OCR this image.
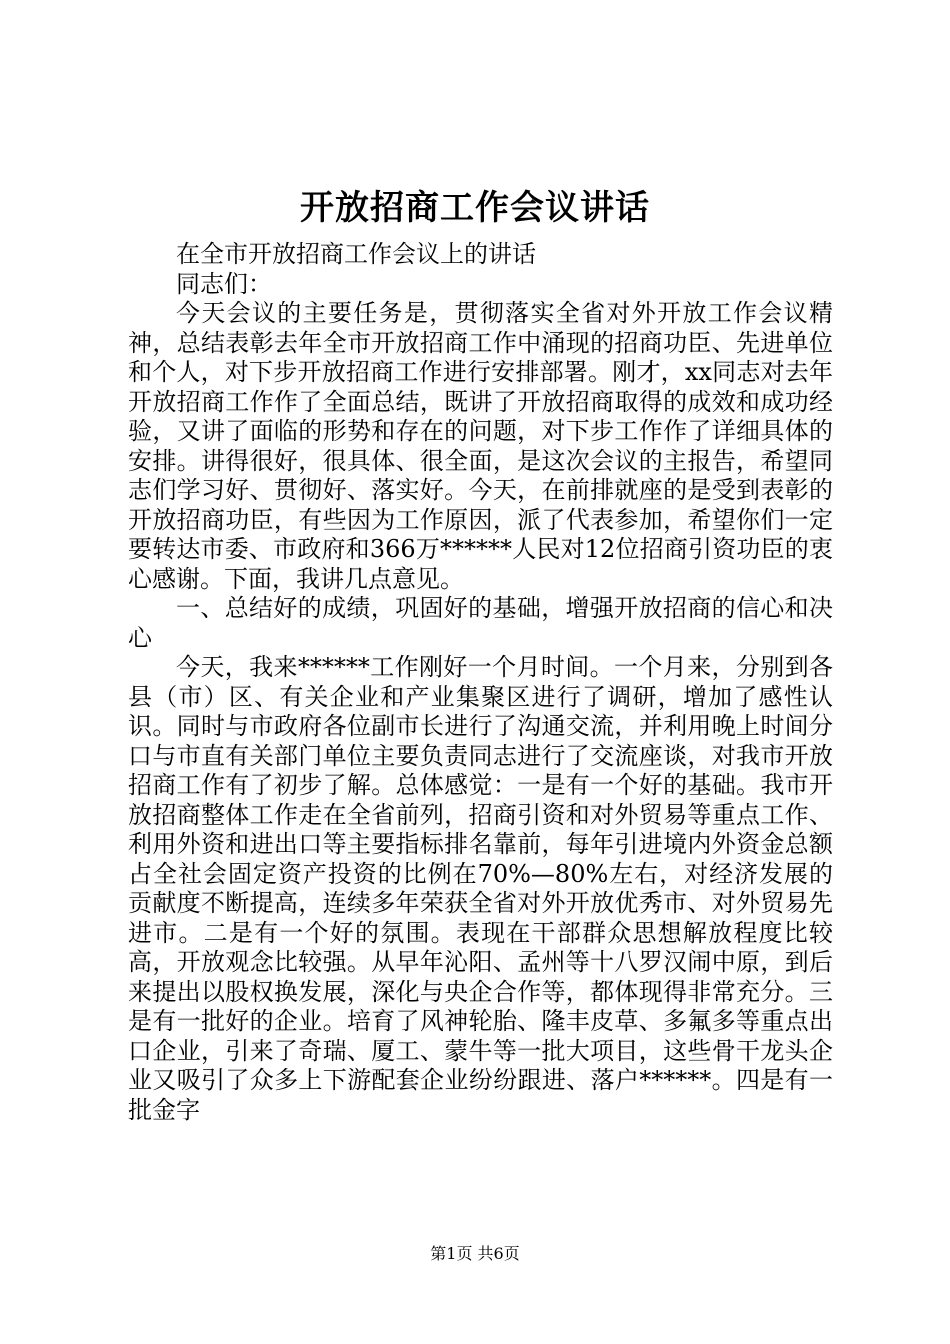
开放招商工作会议讲话

在全市开放招商工作会议上的讲话

同志们：

今天会议的主要任务是，贯彻落实全省对外开放工作会议精神，总结表彰去年全市开放招商工作中涌现的招商功臣、先进单位和个人，对下步开放招商工作进行安排部署。刚才，xx同志对去年开放招商工作作了全面总结，既讲了开放招商取得的成效和成功经验，又讲了面临的形势和存在的问题，对下步工作作了详细具体的安排。讲得很好，很具体、很全面，是这次会议的主报告，希望同志们学习好、贯彻好、落实好。今天，在前排就座的是受到表彰的开放招商功臣，有些因为工作原因，派了代表参加，希望你们一定要转达市委、市政府和366万******人民对12位招商引资功臣的衷心感谢。下面，我讲几点意见。

一、总结好的成绩，巩固好的基础，增强开放招商的信心和决心

今天，我来******工作刚好一个月时间。一个月来，分别到各县（市）区、有关企业和产业集聚区进行了调研，增加了感性认识。同时与市政府各位副市长进行了沟通交流，并利用晚上时间分口与市直有关部门单位主要负责同志进行了交流座谈，对我市开放招商工作有了初步了解。总体感觉：一是有一个好的基础。我市开放招商整体工作走在全省前列，招商引资和对外贸易等重点工作、利用外资和进出口等主要指标排名靠前，每年引进境内外资金总额占全社会固定资产投资的比例在70%—80%左右，对经济发展的贡献度不断提高，连续多年荣获全省对外开放优秀市、对外贸易先进市。二是有一个好的氛围。表现在干部群众思想解放程度比较高，开放观念比较强。从早年沁阳、孟州等十八罗汉闹中原，到后来提出以股权换发展，深化与央企合作等，都体现得非常充分。三是有一批好的企业。培育了风神轮胎、隆丰皮草、多氟多等重点出口企业，引来了奇瑞、厦工、蒙牛等一批大项目，这些骨干龙头企业又吸引了众多上下游配套企业纷纷跟进、落户******。四是有一批金字

第1页 共6页
